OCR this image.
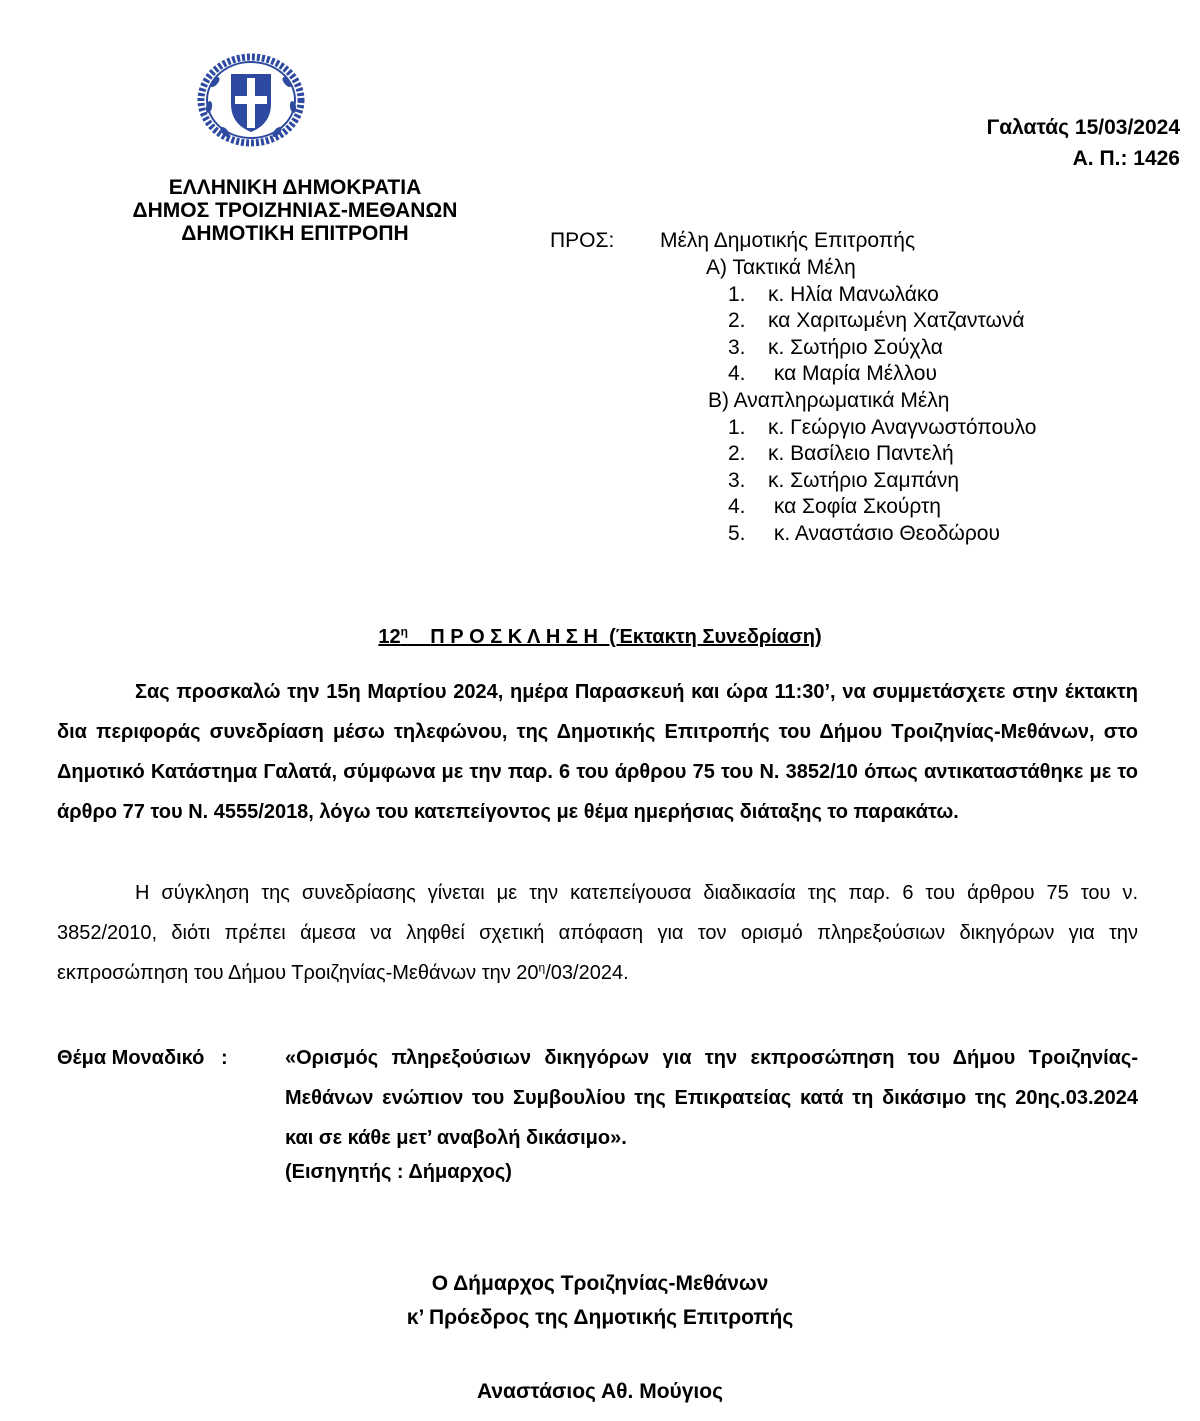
ΕΛΛΗΝΙΚΗ ΔΗΜΟΚΡΑΤΙΑ
ΔΗΜΟΣ ΤΡΟΙΖΗΝΙΑΣ-ΜΕΘΑΝΩΝ
ΔΗΜΟΤΙΚΗ ΕΠΙΤΡΟΠΗ
Γαλατάς 15/03/2024
Α. Π.: 1426
ΠΡΟΣ: Μέλη Δημοτικής Επιτροπής
Α) Τακτικά Μέλη
1. κ. Ηλία Μανωλάκο
2. κα Χαριτωμένη Χατζαντωνά
3. κ. Σωτήριο Σούχλα
4. κα Μαρία Μέλλου
Β) Αναπληρωματικά Μέλη
1. κ. Γεώργιο Αναγνωστόπουλο
2. κ. Βασίλειο Παντελή
3. κ. Σωτήριο Σαμπάνη
4. κα Σοφία Σκούρτη
5. κ. Αναστάσιο Θεοδώρου
$12^\eta$ Π Ρ Ο Σ Κ Λ Η Σ Η (Έκτακτη Συνεδρίαση)
Σας προσκαλώ την 15η Μαρτίου 2024, ημέρα Παρασκευή και ώρα 11:30’, να συμμετάσχετε στην έκτακτη δια περιφοράς συνεδρίαση μέσω τηλεφώνου, της Δημοτικής Επιτροπής του Δήμου Τροιζηνίας-Μεθάνων, στο Δημοτικό Κατάστημα Γαλατά, σύμφωνα με την παρ. 6 του άρθρου 75 του Ν. 3852/10 όπως αντικαταστάθηκε με το άρθρο 77 του Ν. 4555/2018, λόγω του κατεπείγοντος με θέμα ημερήσιας διάταξης το παρακάτω.
Η σύγκληση της συνεδρίασης γίνεται με την κατεπείγουσα διαδικασία της παρ. 6 του άρθρου 75 του ν. 3852/2010, διότι πρέπει άμεσα να ληφθεί σχετική απόφαση για τον ορισμό πληρεξούσιων δικηγόρων για την εκπροσώπηση του Δήμου Τροιζηνίας-Μεθάνων την $20^\eta/03/2024$.
Θέμα Μοναδικό   :	«Ορισμός πληρεξούσιων δικηγόρων για την εκπροσώπηση του Δήμου Τροιζηνίας-Μεθάνων ενώπιον του Συμβουλίου της Επικρατείας κατά τη δικάσιμο της 20ης.03.2024 και σε κάθε μετ’ αναβολή δικάσιμο».
(Εισηγητής : Δήμαρχος)
Ο Δήμαρχος Τροιζηνίας-Μεθάνων
κ’ Πρόεδρος της Δημοτικής Επιτροπής
Αναστάσιος Αθ. Μούγιος
